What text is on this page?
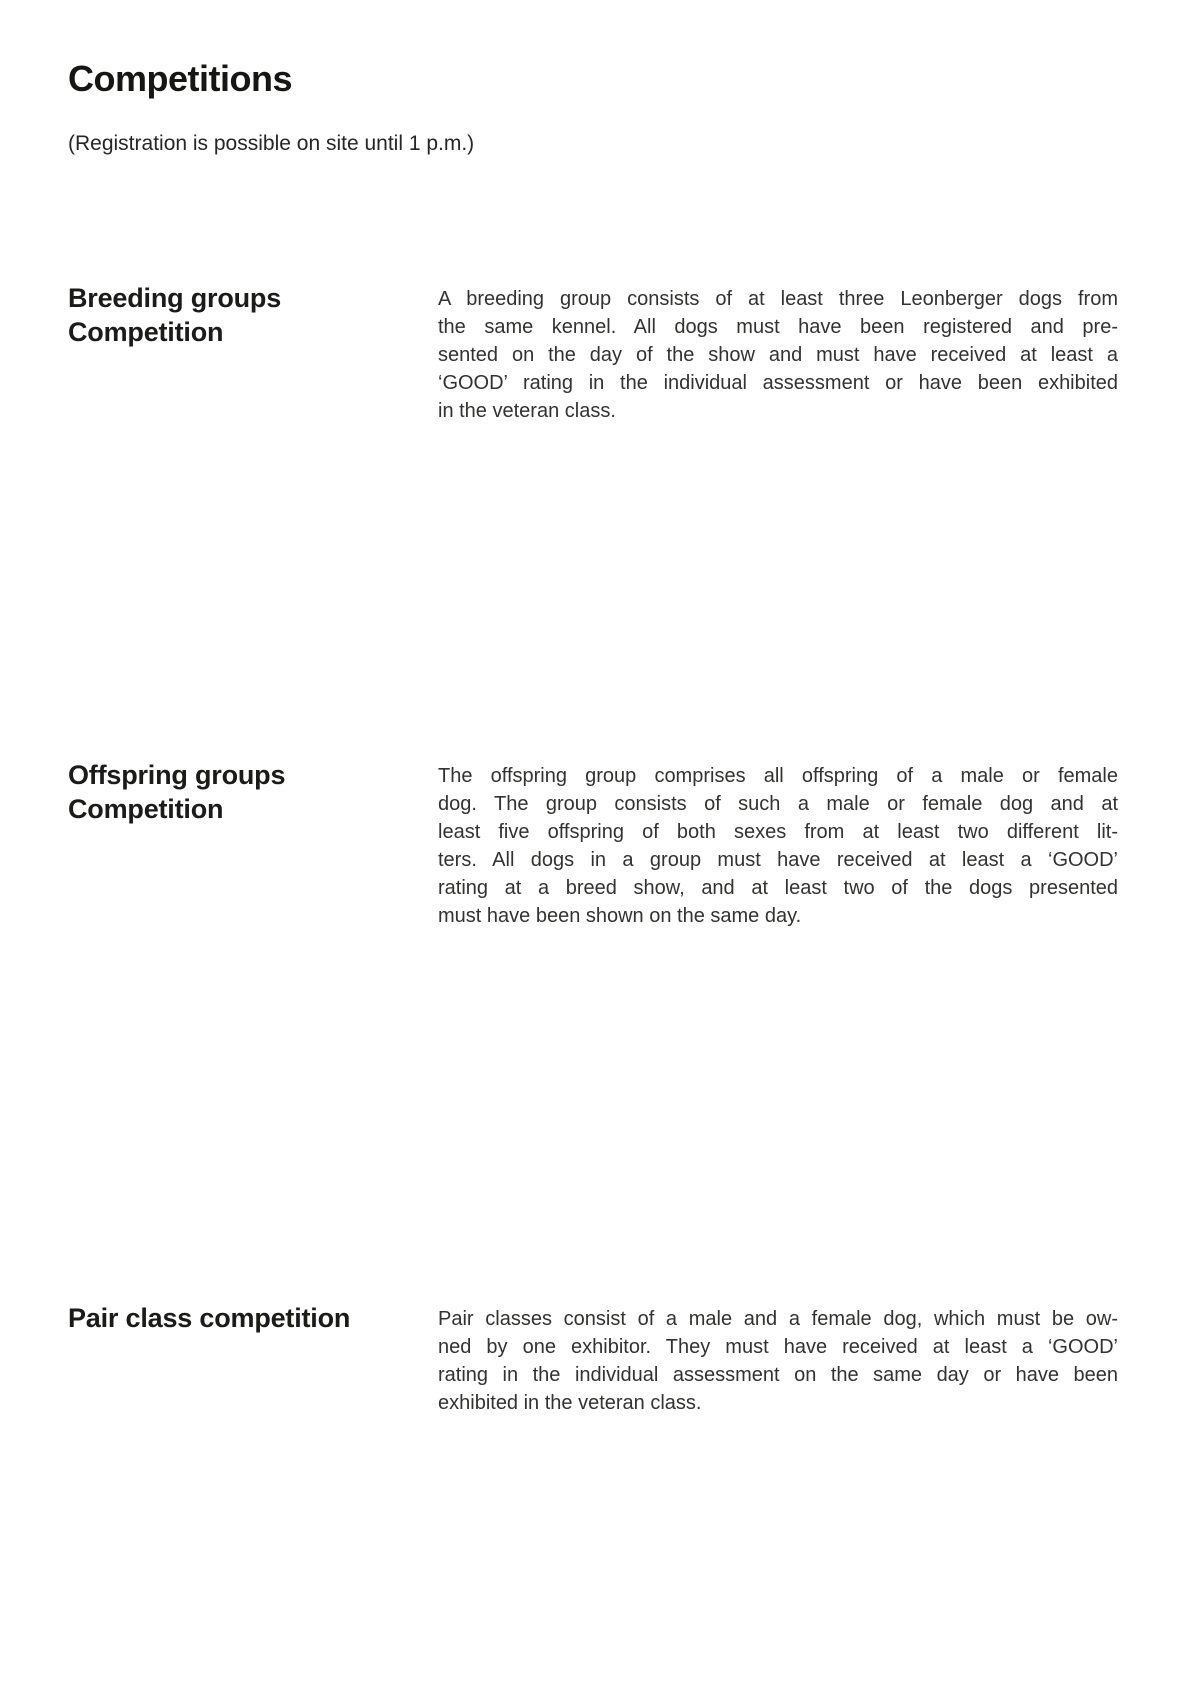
Competitions
(Registration is possible on site until 1 p.m.)
Breeding groups
Competition
A breeding group consists of at least three Leonberger dogs from
the same kennel. All dogs must have been registered and pre-
sented on the day of the show and must have received at least a
‘GOOD’ rating in the individual assessment or have been exhibited
in the veteran class.
Offspring groups
Competition
The offspring group comprises all offspring of a male or female
dog. The group consists of such a male or female dog and at
least five offspring of both sexes from at least two different lit-
ters. All dogs in a group must have received at least a ‘GOOD’
rating at a breed show, and at least two of the dogs presented
must have been shown on the same day.
Pair class competition	Pair classes consist of a male and a female dog, which must be ow-
ned by one exhibitor. They must have received at least a ‘GOOD’
rating in the individual assessment on the same day or have been
exhibited in the veteran class.
